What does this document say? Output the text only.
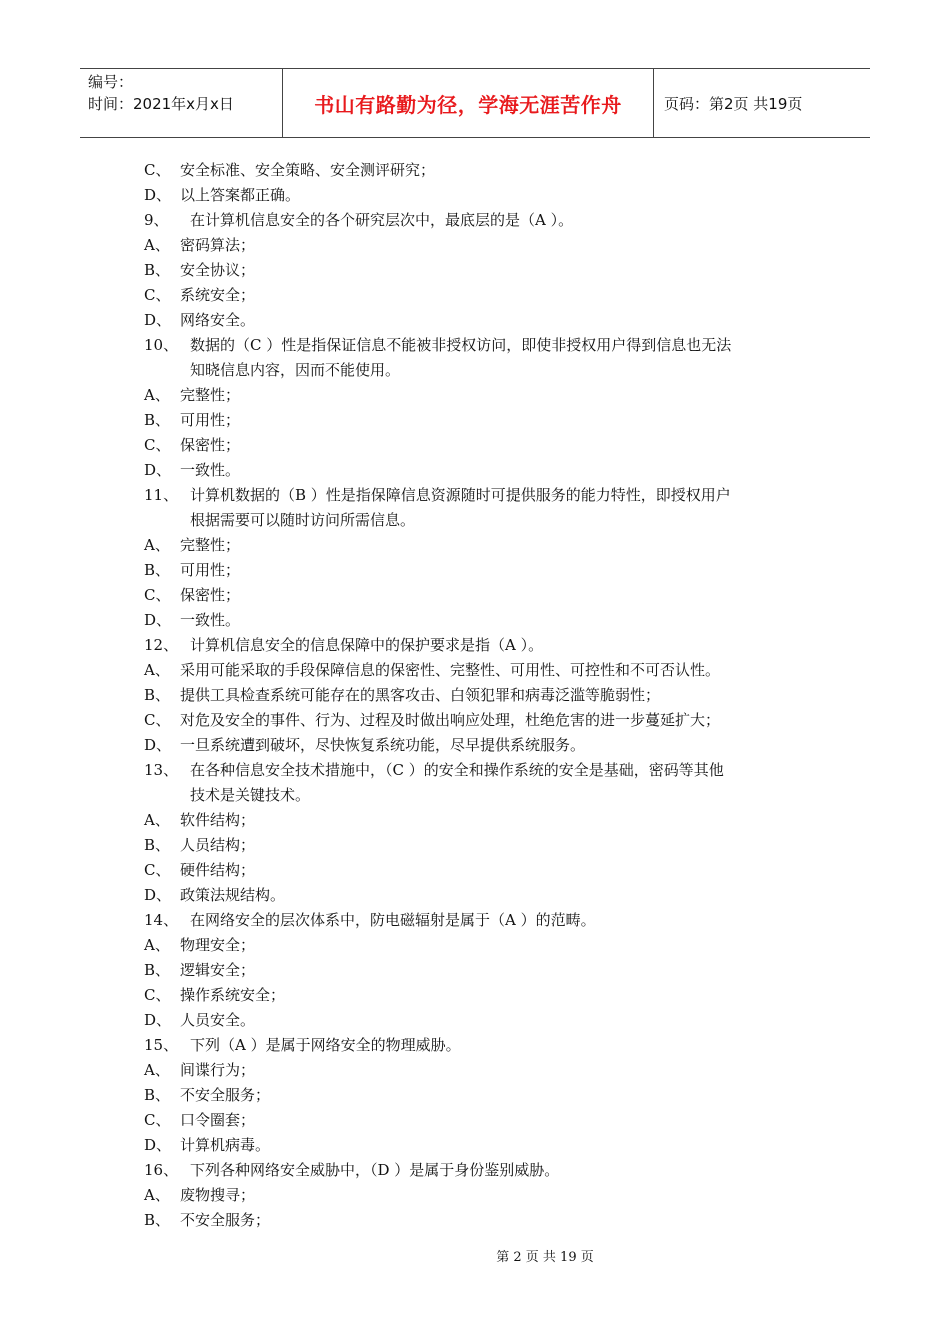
编号：
时间：2021年x月x日	书山有路勤为径，学海无涯苦作舟	页码：第2页 共19页
C、 安全标准、安全策略、安全测评研究；
D、 以上答案都正确。
9、 在计算机信息安全的各个研究层次中，最底层的是（A ）。
A、 密码算法；
B、 安全协议；
C、 系统安全；
D、 网络安全。
10、 数据的（C ）性是指保证信息不能被非授权访问，即使非授权用户得到信息也无法
知晓信息内容，因而不能使用。
A、 完整性；
B、 可用性；
C、 保密性；
D、 一致性。
11、 计算机数据的（B ）性是指保障信息资源随时可提供服务的能力特性，即授权用户
根据需要可以随时访问所需信息。
A、 完整性；
B、 可用性；
C、 保密性；
D、 一致性。
12、 计算机信息安全的信息保障中的保护要求是指（A ）。
A、 采用可能采取的手段保障信息的保密性、完整性、可用性、可控性和不可否认性。
B、 提供工具检查系统可能存在的黑客攻击、白领犯罪和病毒泛滥等脆弱性；
C、 对危及安全的事件、行为、过程及时做出响应处理，杜绝危害的进一步蔓延扩大；
D、 一旦系统遭到破坏，尽快恢复系统功能，尽早提供系统服务。
13、 在各种信息安全技术措施中，（C ）的安全和操作系统的安全是基础，密码等其他
技术是关键技术。
A、 软件结构；
B、 人员结构；
C、 硬件结构；
D、 政策法规结构。
14、 在网络安全的层次体系中，防电磁辐射是属于（A ）的范畴。
A、 物理安全；
B、 逻辑安全；
C、 操作系统安全；
D、 人员安全。
15、 下列（A ）是属于网络安全的物理威胁。
A、 间谍行为；
B、 不安全服务；
C、 口令圈套；
D、 计算机病毒。
16、 下列各种网络安全威胁中，（D ）是属于身份鉴别威胁。
A、 废物搜寻；
B、 不安全服务；
第 2 页 共 19 页
